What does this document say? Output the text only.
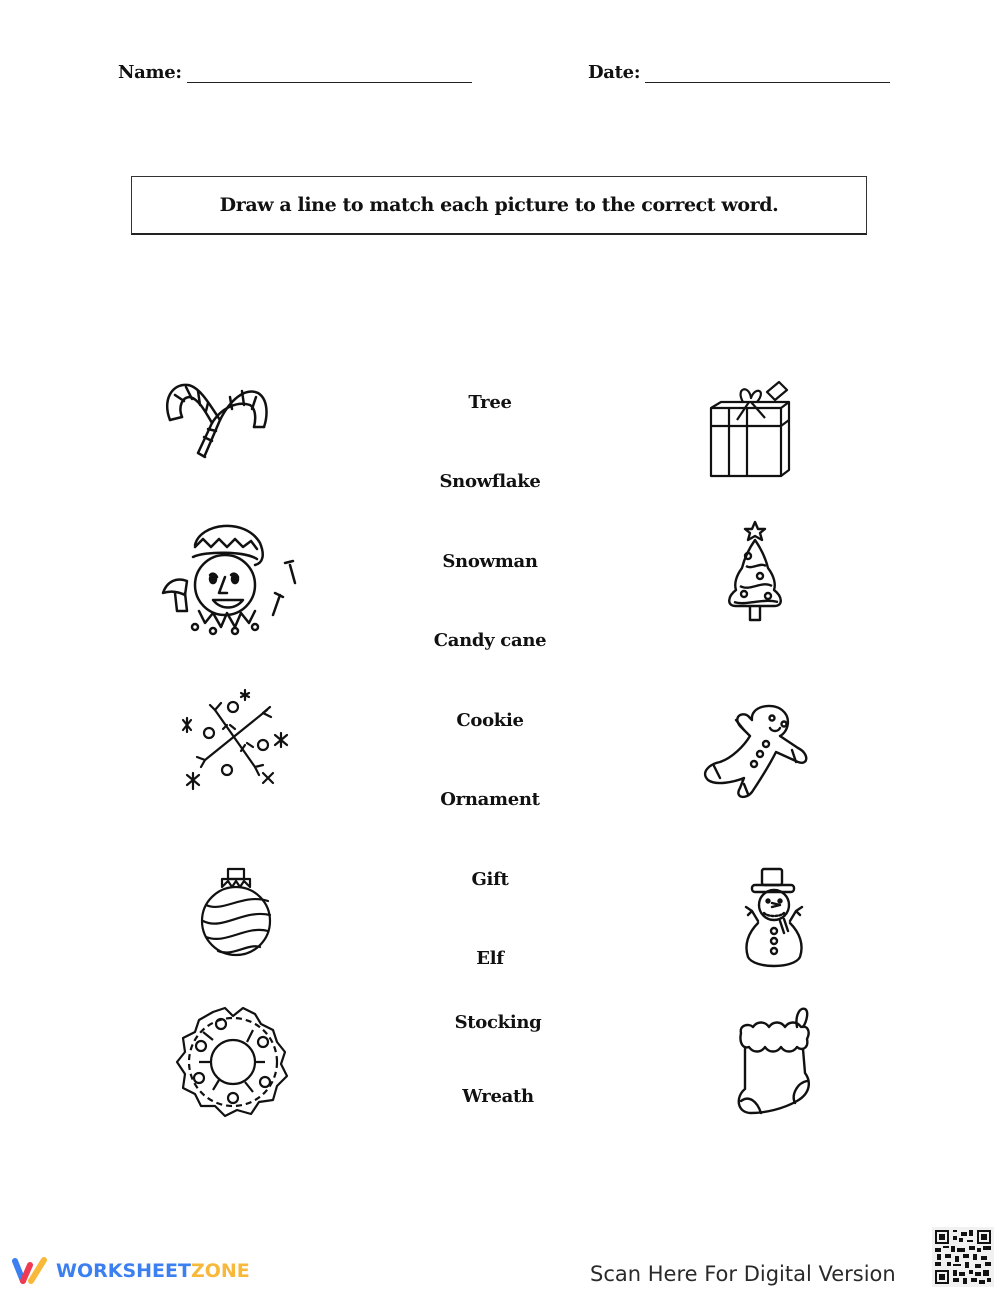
Name:	Date:
Draw a line to match each picture to the correct word.
Tree
Snowflake
Snowman
Candy cane
Cookie
Ornament
Gift
Elf
Stocking
Wreath
WORKSHEETZONE	Scan Here For Digital Version
